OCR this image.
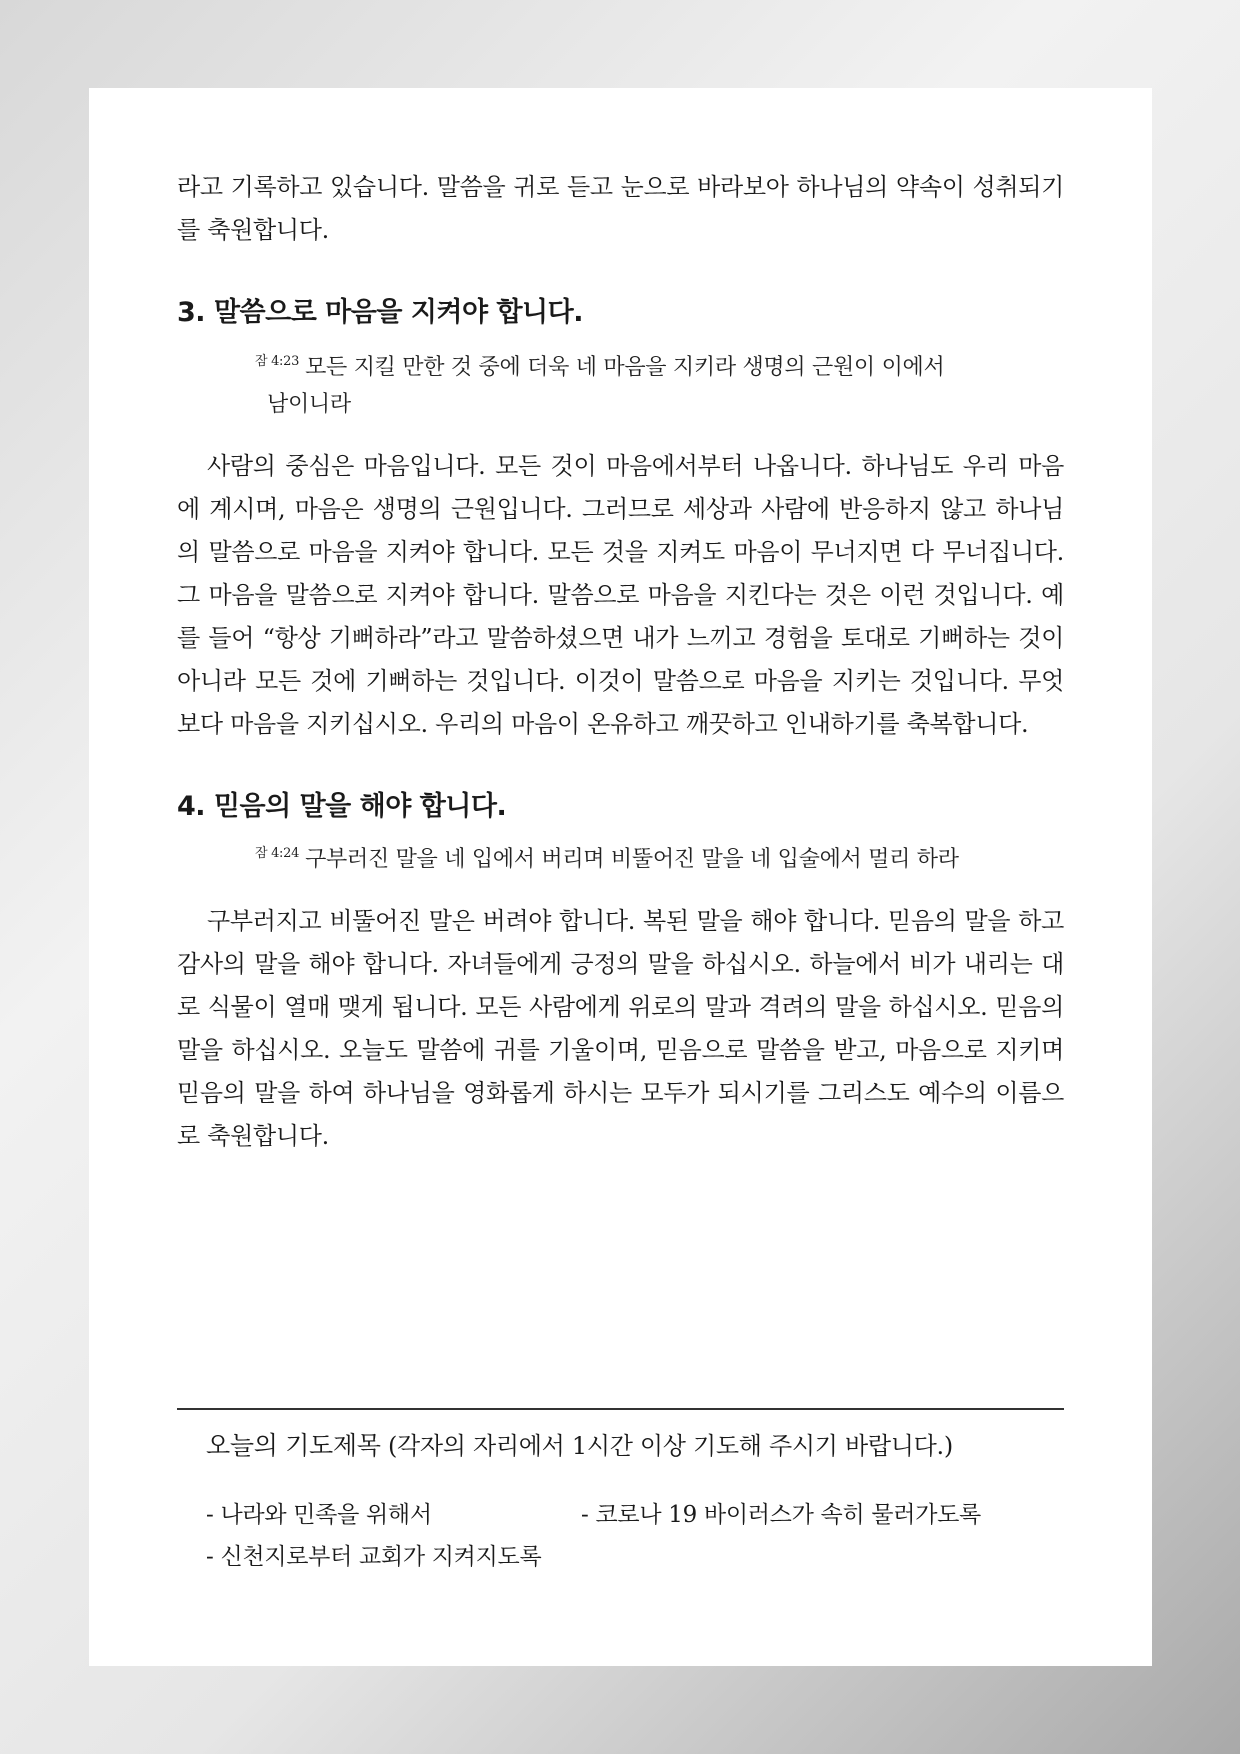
라고 기록하고 있습니다. 말씀을 귀로 듣고 눈으로 바라보아 하나님의 약속이 성취되기를 축원합니다.

3. 말씀으로 마음을 지켜야 합니다.

$^{잠 4:23}$ 모든 지킬 만한 것 중에 더욱 네 마음을 지키라 생명의 근원이 이에서
남이니라

사람의 중심은 마음입니다. 모든 것이 마음에서부터 나옵니다. 하나님도 우리 마음에 계시며, 마음은 생명의 근원입니다. 그러므로 세상과 사람에 반응하지 않고 하나님의 말씀으로 마음을 지켜야 합니다. 모든 것을 지켜도 마음이 무너지면 다 무너집니다. 그 마음을 말씀으로 지켜야 합니다. 말씀으로 마음을 지킨다는 것은 이런 것입니다. 예를 들어 “항상 기뻐하라”라고 말씀하셨으면 내가 느끼고 경험을 토대로 기뻐하는 것이 아니라 모든 것에 기뻐하는 것입니다. 이것이 말씀으로 마음을 지키는 것입니다. 무엇보다 마음을 지키십시오. 우리의 마음이 온유하고 깨끗하고 인내하기를 축복합니다.

4. 믿음의 말을 해야 합니다.

$^{잠 4:24}$ 구부러진 말을 네 입에서 버리며 비뚤어진 말을 네 입술에서 멀리 하라

구부러지고 비뚤어진 말은 버려야 합니다. 복된 말을 해야 합니다. 믿음의 말을 하고 감사의 말을 해야 합니다. 자녀들에게 긍정의 말을 하십시오. 하늘에서 비가 내리는 대로 식물이 열매 맺게 됩니다. 모든 사람에게 위로의 말과 격려의 말을 하십시오. 믿음의 말을 하십시오. 오늘도 말씀에 귀를 기울이며, 믿음으로 말씀을 받고, 마음으로 지키며 믿음의 말을 하여 하나님을 영화롭게 하시는 모두가 되시기를 그리스도 예수의 이름으로 축원합니다.

오늘의 기도제목 (각자의 자리에서 1시간 이상 기도해 주시기 바랍니다.)

- 나라와 민족을 위해서	- 코로나 19 바이러스가 속히 물러가도록
- 신천지로부터 교회가 지켜지도록
